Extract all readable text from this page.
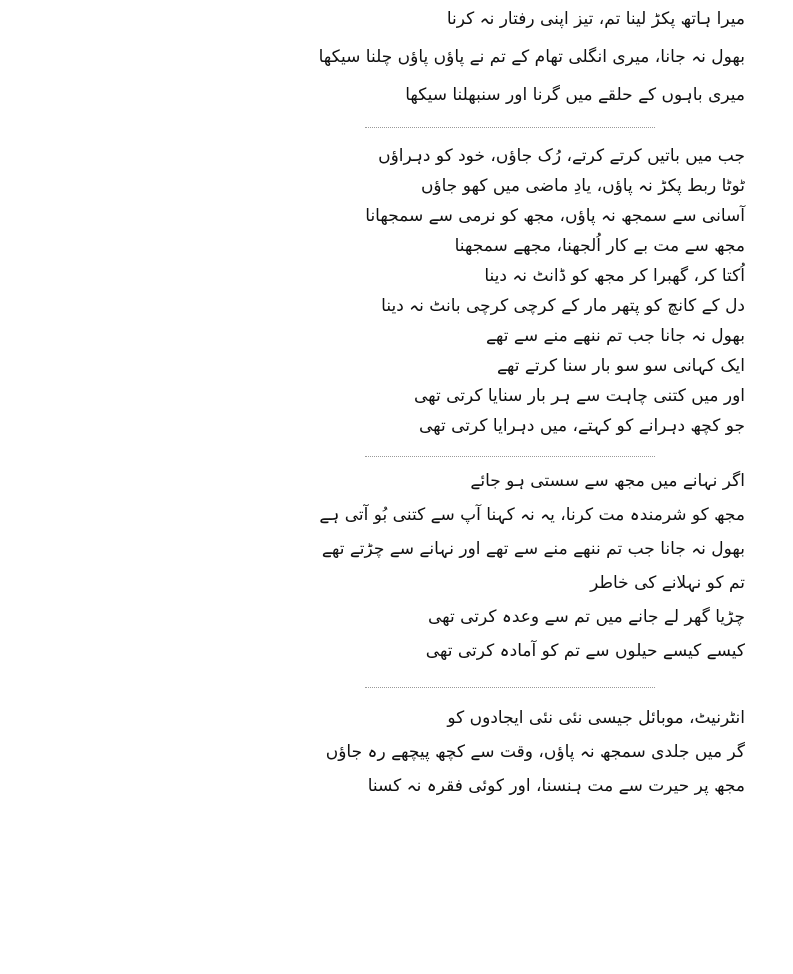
میرا ہاتھ پکڑ لینا تم، تیز اپنی رفتار نہ کرنا
بھول نہ جانا، میری انگلی تھام کے تم نے پاؤں پاؤں چلنا سیکھا
میری باہوں کے حلقے میں گرنا اور سنبھلنا سیکھا
جب میں باتیں کرتے کرتے، رُک جاؤں، خود کو دہراؤں
ٹوٹا ربط پکڑ نہ پاؤں، یادِ ماضی میں کھو جاؤں
آسانی سے سمجھ نہ پاؤں، مجھ کو نرمی سے سمجھانا
مجھ سے مت بے کار اُلجھنا، مجھے سمجھنا
اُکتا کر، گھبرا کر مجھ کو ڈانٹ نہ دینا
دل کے کانچ کو پتھر مار کے کرچی کرچی بانٹ نہ دینا
بھول نہ جانا جب تم ننھے منے سے تھے
ایک کہانی سو سو بار سنا کرتے تھے
اور میں کتنی چاہت سے ہر بار سنایا کرتی تھی
جو کچھ دہرانے کو کہتے، میں دہرایا کرتی تھی
اگر نہانے میں مجھ سے سستی ہو جائے
مجھ کو شرمندہ مت کرنا، یہ نہ کہنا آپ سے کتنی بُو آتی ہے
بھول نہ جانا جب تم ننھے منے سے تھے اور نہانے سے چڑتے تھے
تم کو نہلانے کی خاطر
چڑیا گھر لے جانے میں تم سے وعدہ کرتی تھی
کیسے کیسے حیلوں سے تم کو آمادہ کرتی تھی
انٹرنیٹ، موبائل جیسی نئی نئی ایجادوں کو
گر میں جلدی سمجھ نہ پاؤں، وقت سے کچھ پیچھے رہ جاؤں
مجھ پر حیرت سے مت ہنسنا، اور کوئی فقرہ نہ کسنا
